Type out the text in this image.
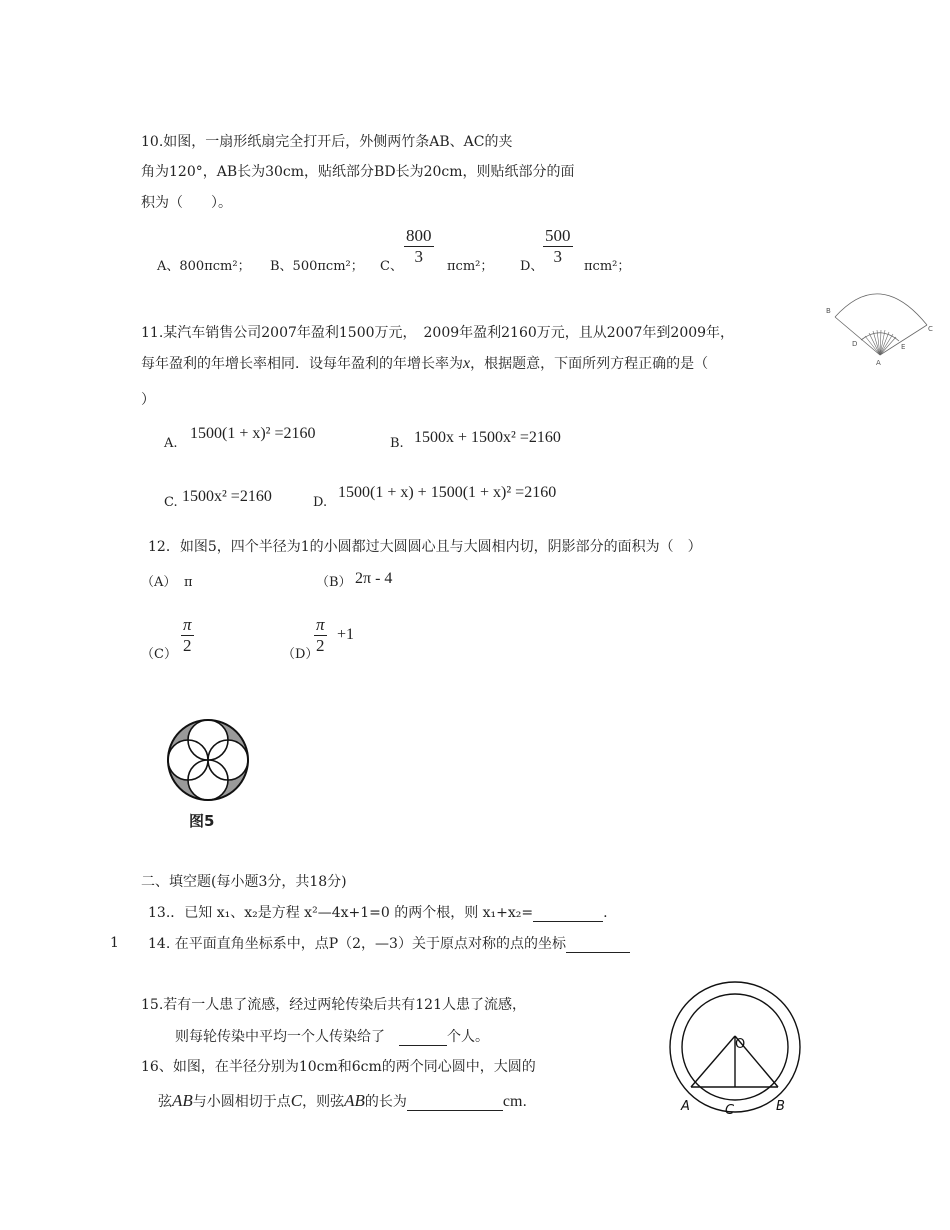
10.如图，一扇形纸扇完全打开后，外侧两竹条AB、AC的夹
角为120°，AB长为30cm，贴纸部分BD长为20cm，则贴纸部分的面
积为（　　）。
A、800πcm²； B、500πcm²； C、 $\frac{800}{3} \pi cm^2$； D、 $\frac{500}{3} \pi cm^2$；
B
C
D	E
A
11.某汽车销售公司2007年盈利1500万元，　2009年盈利2160万元，且从2007年到2009年，
每年盈利的年增长率相同．设每年盈利的年增长率为x，根据题意，下面所列方程正确的是（
）
A.
1500(1 + x)² =2160
B. 1500x + 1500x² =2160
C. 1500x² =2160	D.
1500(1 + x) + 1500(1 + x)² =2160
12．如图5，四个半径为1的小圆都过大圆圆心且与大圆相内切，阴影部分的面积为（　）
（A） π	（B） 2π - 4
$(C) \frac{\pi}{2}$	（D）
$\frac{\pi}{2} +1$
图5
二、填空题(每小题3分，共18分)
13.．已知 x₁、x₂是方程 x²—4x+1=0 的两个根，则 x₁+x₂=	.
1 14. 在平面直角坐标系中，点P（2，—3）关于原点对称的点的坐标
15.若有一人患了流感，经过两轮传染后共有121人患了流感，
则每轮传染中平均一个人传染给了　	个人。
16、如图，在半径分别为10cm和6cm的两个同心圆中，大圆的
弦AB与小圆相切于点C，则弦AB的长为	cm.
O
A	C	B
